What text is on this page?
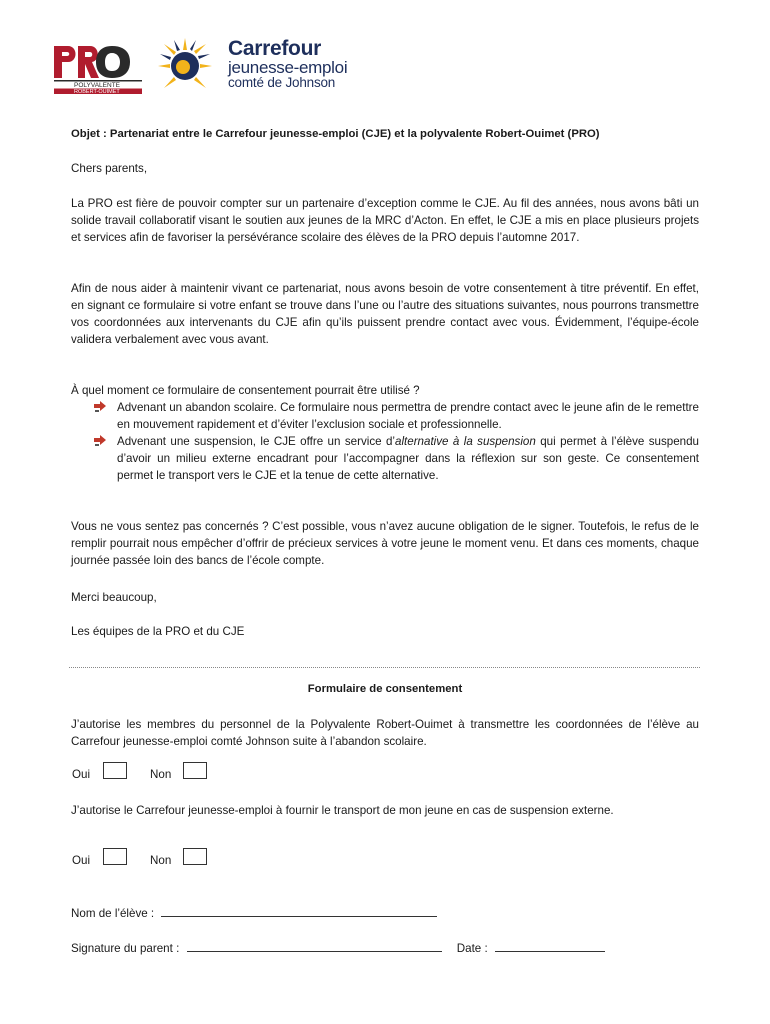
POLYVALENTE
ROBERT-OUIMET
Carrefour
jeunesse-emploi
comté de Johnson
Objet : Partenariat entre le Carrefour jeunesse-emploi (CJE) et la polyvalente Robert-Ouimet (PRO)
Chers parents,
La PRO est fière de pouvoir compter sur un partenaire d’exception comme le CJE. Au fil des années, nous avons bâti un solide travail collaboratif visant le soutien aux jeunes de la MRC d’Acton. En effet, le CJE a mis en place plusieurs projets et services afin de favoriser la persévérance scolaire des élèves de la PRO depuis l’automne 2017.
Afin de nous aider à maintenir vivant ce partenariat, nous avons besoin de votre consentement à titre préventif. En effet, en signant ce formulaire si votre enfant se trouve dans l’une ou l’autre des situations suivantes, nous pourrons transmettre vos coordonnées aux intervenants du CJE afin qu’ils puissent prendre contact avec vous. Évidemment, l’équipe-école validera verbalement avec vous avant.
À quel moment ce formulaire de consentement pourrait être utilisé ?
Advenant un abandon scolaire. Ce formulaire nous permettra de prendre contact avec le jeune afin de le remettre en mouvement rapidement et d’éviter l’exclusion sociale et professionnelle.
Advenant une suspension, le CJE offre un service d’alternative à la suspension qui permet à l’élève suspendu d’avoir un milieu externe encadrant pour l’accompagner dans la réflexion sur son geste. Ce consentement permet le transport vers le CJE et la tenue de cette alternative.
Vous ne vous sentez pas concernés ? C’est possible, vous n’avez aucune obligation de le signer. Toutefois, le refus de le remplir pourrait nous empêcher d’offrir de précieux services à votre jeune le moment venu. Et dans ces moments, chaque journée passée loin des bancs de l’école compte.
Merci beaucoup,
Les équipes de la PRO et du CJE
Formulaire de consentement
J’autorise les membres du personnel de la Polyvalente Robert-Ouimet à transmettre les coordonnées de l’élève au Carrefour jeunesse-emploi comté Johnson suite à l’abandon scolaire.
Oui	Non
J’autorise le Carrefour jeunesse-emploi à fournir le transport de mon jeune en cas de suspension externe.
Oui	Non
Nom de l’élève :
Signature du parent :	Date :
